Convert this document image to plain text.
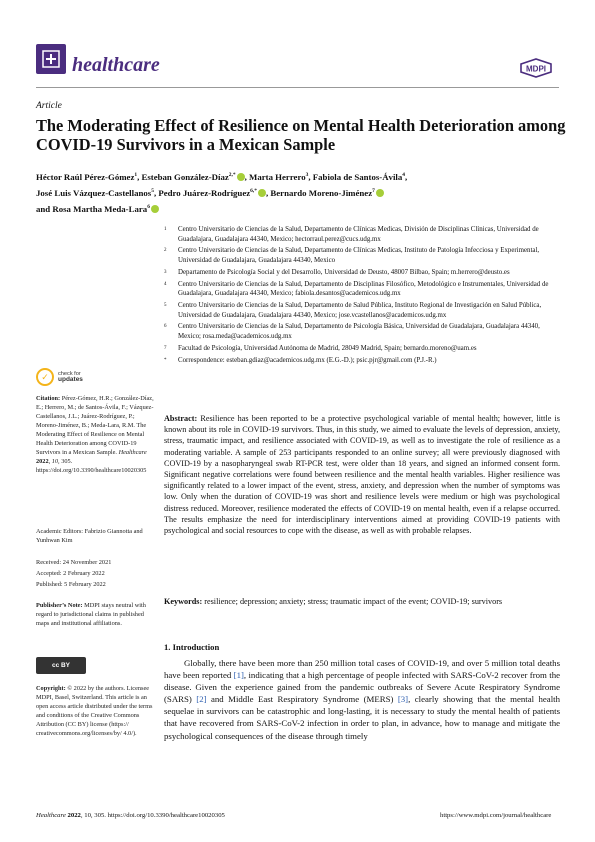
healthcare	MDPI
Article
The Moderating Effect of Resilience on Mental Health Deterioration among COVID-19 Survivors in a Mexican Sample
Héctor Raúl Pérez-Gómez$^1$, Esteban González-Díaz$^{2,*}$ , Marta Herrero$^3$, Fabiola de Santos-Ávila$^4$,
José Luis Vázquez-Castellanos$^5$, Pedro Juárez-Rodríguez$^{6,*}$ , Bernardo Moreno-Jiménez$^7$
and Rosa Martha Meda-Lara$^6$
1	Centro Universitario de Ciencias de la Salud, Departamento de Clínicas Medicas, División de Disciplinas Clínicas, Universidad de Guadalajara, Guadalajara 44340, Mexico; hectorraul.perez@cucs.udg.mx
2	Centro Universitario de Ciencias de la Salud, Departamento de Clínicas Medicas, Instituto de Patología Infecciosa y Experimental, Universidad de Guadalajara, Guadalajara 44340, Mexico
3	Departamento de Psicología Social y del Desarrollo, Universidad de Deusto, 48007 Bilbao, Spain; m.herrero@deusto.es
4	Centro Universitario de Ciencias de la Salud, Departamento de Disciplinas Filosófico, Metodológico e Instrumentales, Universidad de Guadalajara, Guadalajara 44340, Mexico; fabiola.desantos@academicos.udg.mx
5	Centro Universitario de Ciencias de la Salud, Departamento de Salud Pública, Instituto Regional de Investigación en Salud Pública, Universidad de Guadalajara, Guadalajara 44340, Mexico; jose.vcastellanos@academicos.udg.mx
6	Centro Universitario de Ciencias de la Salud, Departamento de Psicología Básica, Universidad de Guadalajara, Guadalajara 44340, Mexico; rosa.meda@academicos.udg.mx
7	Facultad de Psicología, Universidad Autónoma de Madrid, 28049 Madrid, Spain; bernardo.moreno@uam.es
*	Correspondence: esteban.gdiaz@academicos.udg.mx (E.G.-D.); psic.pjr@gmail.com (P.J.-R.)
✓	check for
updates
Citation: Pérez-Gómez, H.R.; González-Díaz, E.; Herrero, M.; de Santos-Ávila, F.; Vázquez-Castellanos, J.L.; Juárez-Rodríguez, P.; Moreno-Jiménez, B.; Meda-Lara, R.M. The Moderating Effect of Resilience on Mental Health Deterioration among COVID-19 Survivors in a Mexican Sample. Healthcare 2022, 10, 305. https://doi.org/10.3390/healthcare10020305
Academic Editors: Fabrizio Giannotta and Yunhwan Kim
Received: 24 November 2021
Accepted: 2 February 2022
Published: 5 February 2022
Publisher’s Note: MDPI stays neutral with regard to jurisdictional claims in published maps and institutional affiliations.
cc BY
Copyright: © 2022 by the authors. Licensee MDPI, Basel, Switzerland. This article is an open access article distributed under the terms and conditions of the Creative Commons Attribution (CC BY) license (https:// creativecommons.org/licenses/by/ 4.0/).
Abstract: Resilience has been reported to be a protective psychological variable of mental health; however, little is known about its role in COVID-19 survivors. Thus, in this study, we aimed to evaluate the levels of depression, anxiety, stress, traumatic impact, and resilience associated with COVID-19, as well as to investigate the role of resilience as a moderating variable. A sample of 253 participants responded to an online survey; all were previously diagnosed with COVID-19 by a nasopharyngeal swab RT-PCR test, were older than 18 years, and signed an informed consent form. Significant negative correlations were found between resilience and the mental health variables. Higher resilience was significantly related to a lower impact of the event, stress, anxiety, and depression when the number of symptoms was low. Only when the duration of COVID-19 was short and resilience levels were medium or high was psychological distress reduced. Moreover, resilience moderated the effects of COVID-19 on mental health, even if a relapse occurred. The results emphasize the need for interdisciplinary interventions aimed at providing COVID-19 patients with psychological and social resources to cope with the disease, as well as with probable relapses.
Keywords: resilience; depression; anxiety; stress; traumatic impact of the event; COVID-19; survivors
1. Introduction
Globally, there have been more than 250 million total cases of COVID-19, and over 5 million total deaths have been reported [1], indicating that a high percentage of people infected with SARS-CoV-2 recover from the disease. Given the experience gained from the pandemic outbreaks of Severe Acute Respiratory Syndrome (SARS) [2] and Middle East Respiratory Syndrome (MERS) [3], clearly showing that the mental health sequelae in survivors can be catastrophic and long-lasting, it is necessary to study the mental health of patients that have recovered from SARS-CoV-2 infection in order to plan, in advance, how to manage and mitigate the psychological consequences of the disease through timely
Healthcare 2022, 10, 305. https://doi.org/10.3390/healthcare10020305	https://www.mdpi.com/journal/healthcare
